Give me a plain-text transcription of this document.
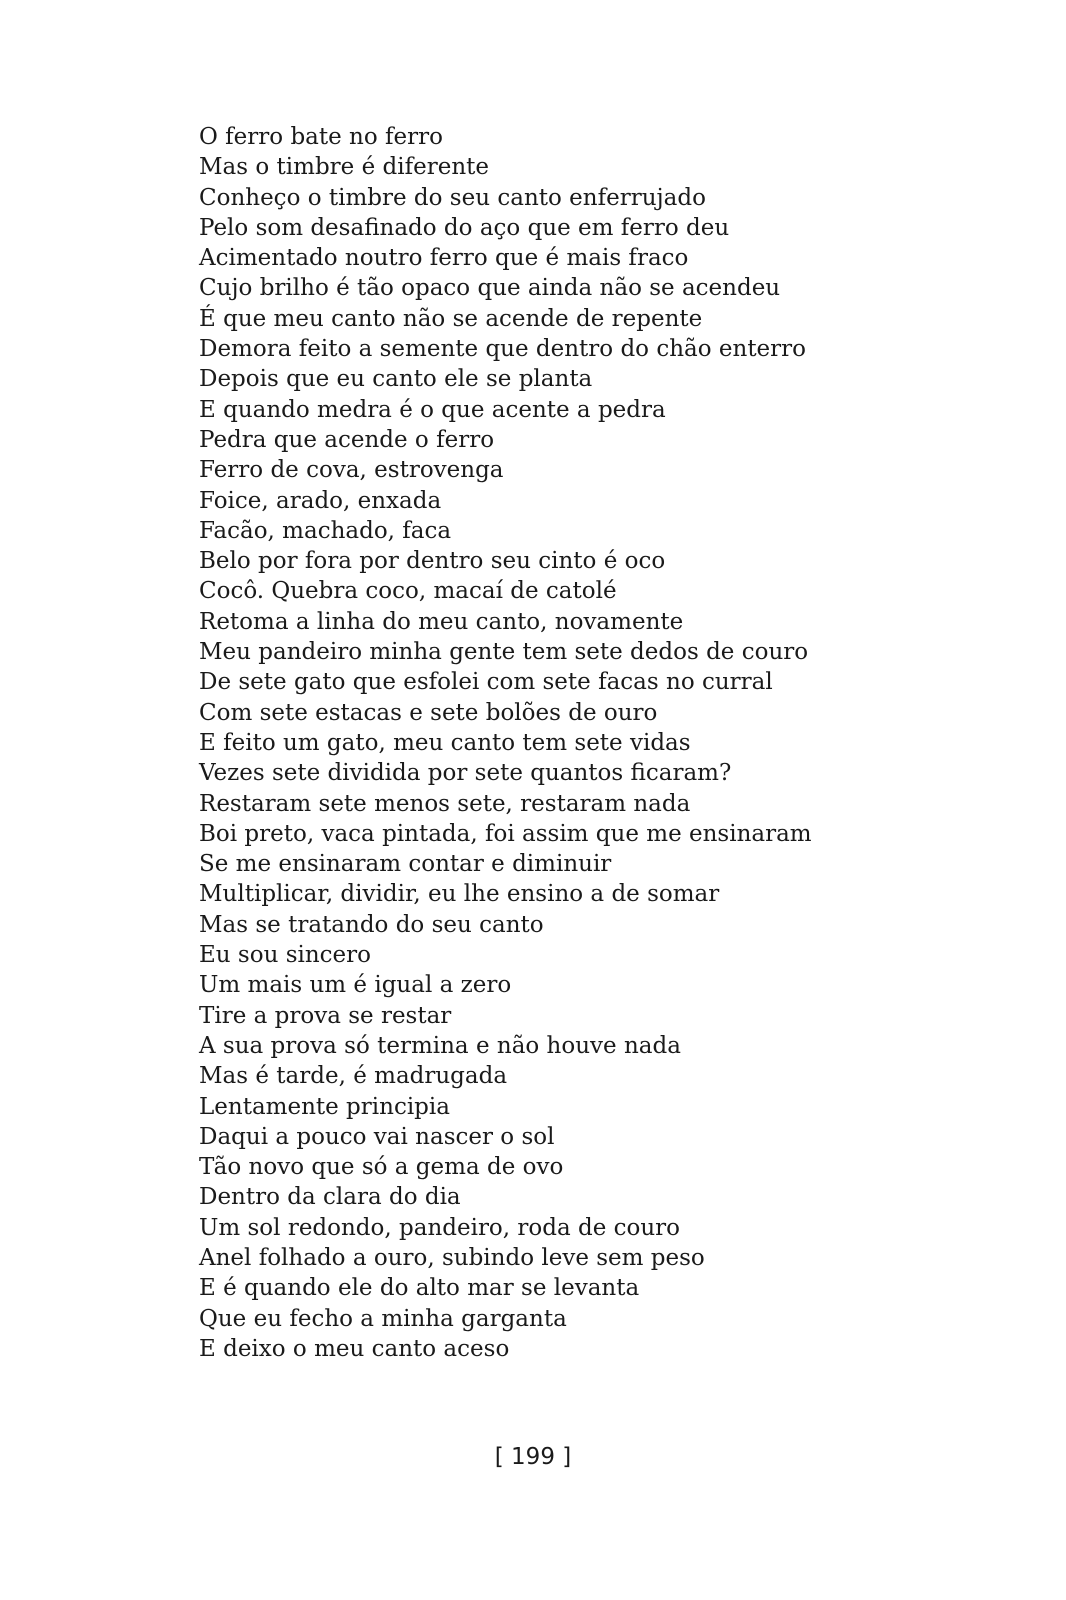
O ferro bate no ferro
Mas o timbre é diferente
Conheço o timbre do seu canto enferrujado
Pelo som desafinado do aço que em ferro deu
Acimentado noutro ferro que é mais fraco
Cujo brilho é tão opaco que ainda não se acendeu
É que meu canto não se acende de repente
Demora feito a semente que dentro do chão enterro
Depois que eu canto ele se planta
E quando medra é o que acente a pedra
Pedra que acende o ferro
Ferro de cova, estrovenga
Foice, arado, enxada
Facão, machado, faca
Belo por fora por dentro seu cinto é oco
Cocô. Quebra coco, macaí de catolé
Retoma a linha do meu canto, novamente
Meu pandeiro minha gente tem sete dedos de couro
De sete gato que esfolei com sete facas no curral
Com sete estacas e sete bolões de ouro
E feito um gato, meu canto tem sete vidas
Vezes sete dividida por sete quantos ficaram?
Restaram sete menos sete, restaram nada
Boi preto, vaca pintada, foi assim que me ensinaram
Se me ensinaram contar e diminuir
Multiplicar, dividir, eu lhe ensino a de somar
Mas se tratando do seu canto
Eu sou sincero
Um mais um é igual a zero
Tire a prova se restar
A sua prova só termina e não houve nada
Mas é tarde, é madrugada
Lentamente principia
Daqui a pouco vai nascer o sol
Tão novo que só a gema de ovo
Dentro da clara do dia
Um sol redondo, pandeiro, roda de couro
Anel folhado a ouro, subindo leve sem peso
E é quando ele do alto mar se levanta
Que eu fecho a minha garganta
E deixo o meu canto aceso
[ 199 ]
